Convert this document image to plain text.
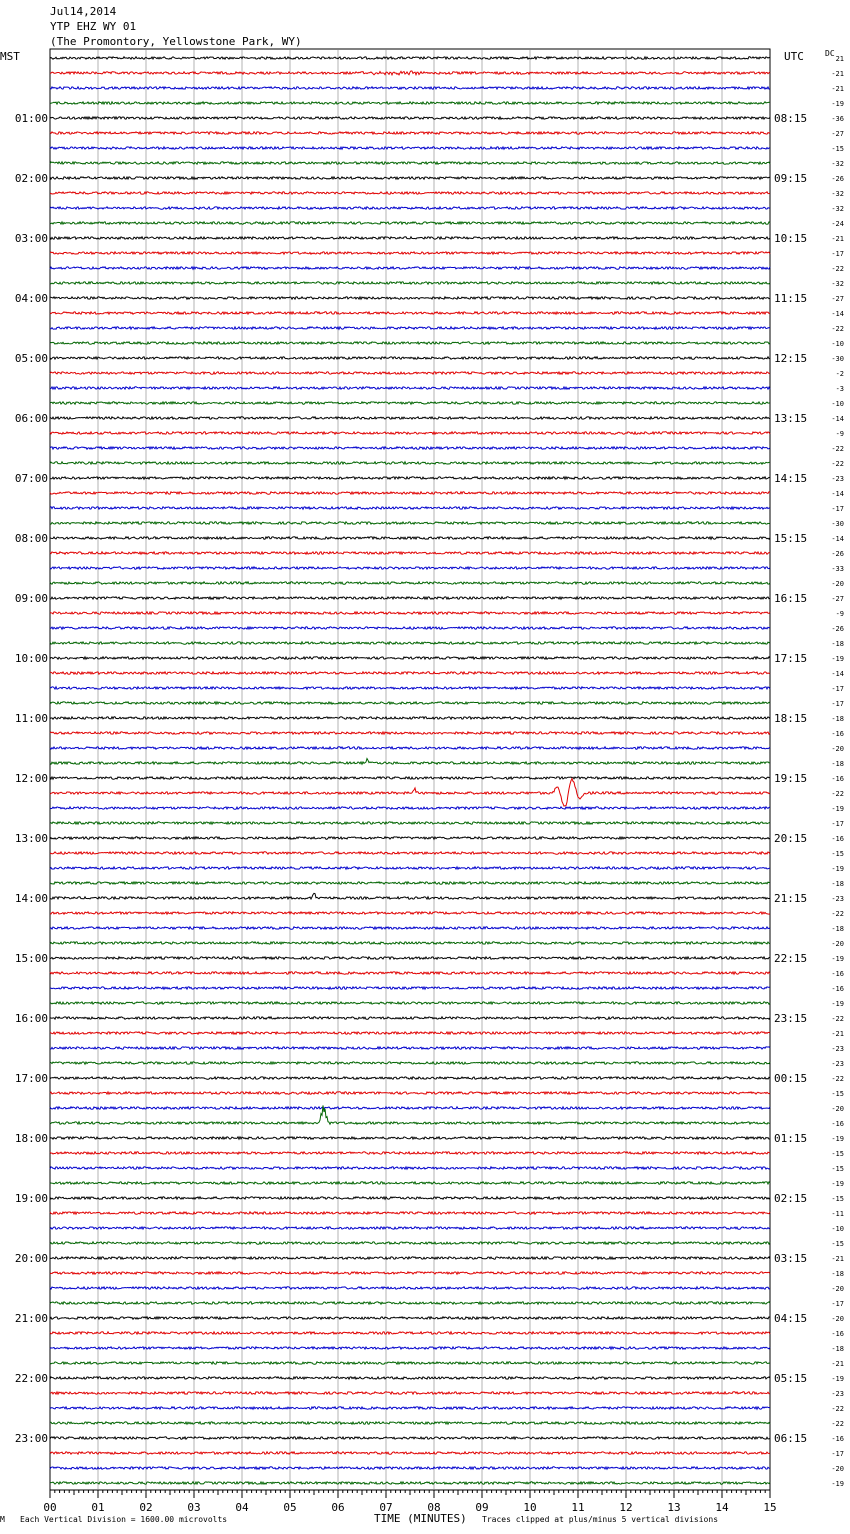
Jul14,2014
YTP EHZ WY 01
(The Promontory, Yellowstone Park, WY)
MST	UTC	DC
21
-21
-21
-19
-36
-27
-15
-32
-26
-32
-32
-24
-21
-17
-22
-32
-27
-14
-22
-10
-30
-2
-3
-10
-14
-9
-22
-22
-23
-14
-17
-30
-14
-26
-33
-20
-27
-9
-26
-18
-19
-14
-17
-17
-18
-16
-20
-18
-16
-22
-19
-17
-16
-15
-19
-18
-23
-22
-18
-20
-19
-16
-16
-19
-22
-21
-23
-23
-22
-15
-20
-16
-19
-15
-15
-19
-15
-11
-10
-15
-21
-18
-20
-17
-20
-16
-18
-21
-19
-23
-22
-22
-16
-17
-20
-19
01:00
02:00
03:00
04:00
05:00
06:00
07:00
08:00
09:00
10:00
11:00
12:00
13:00
14:00
15:00
16:00
17:00
18:00
19:00
20:00
21:00
22:00
23:00
08:15
09:15
10:15
11:15
12:15
13:15
14:15
15:15
16:15
17:15
18:15
19:15
20:15
21:15
22:15
23:15
00:15
01:15
02:15
03:15
04:15
05:15
06:15
00	01	02	03	04	05	06	07	08	09	10	11	12	13	14	15
M Each Vertical Division = 1600.00 microvolts	TIME (MINUTES) Traces clipped at plus/minus 5 vertical divisions
